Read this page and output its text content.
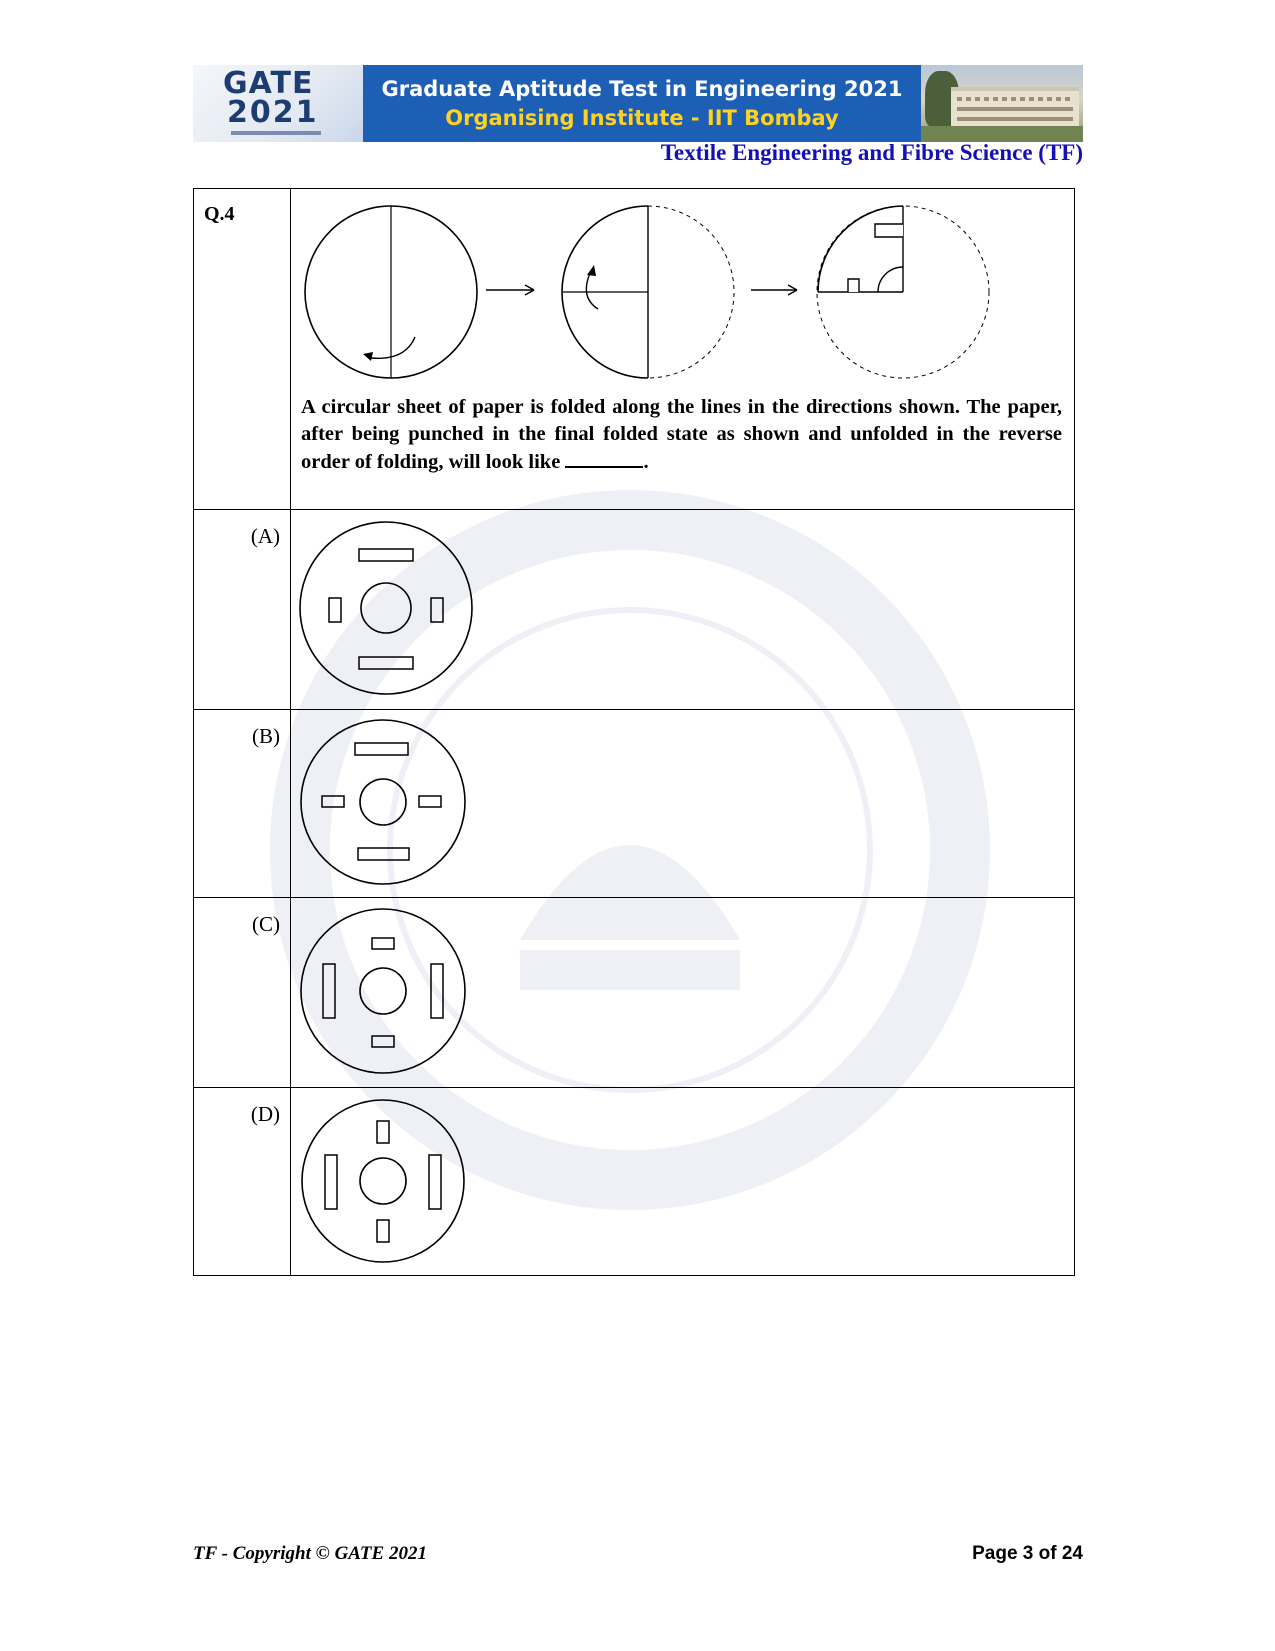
GATE
2021
Graduate Aptitude Test in Engineering 2021
Organising Institute - IIT Bombay
Textile Engineering and Fibre Science (TF)
Q.4	A circular sheet of paper is folded along the lines in the directions shown. The paper, after being punched in the final folded state as shown and unfolded in the reverse order of folding, will look like .

(A)

(B)

(C)

(D)

TF - Copyright © GATE 2021	Page 3 of 24
